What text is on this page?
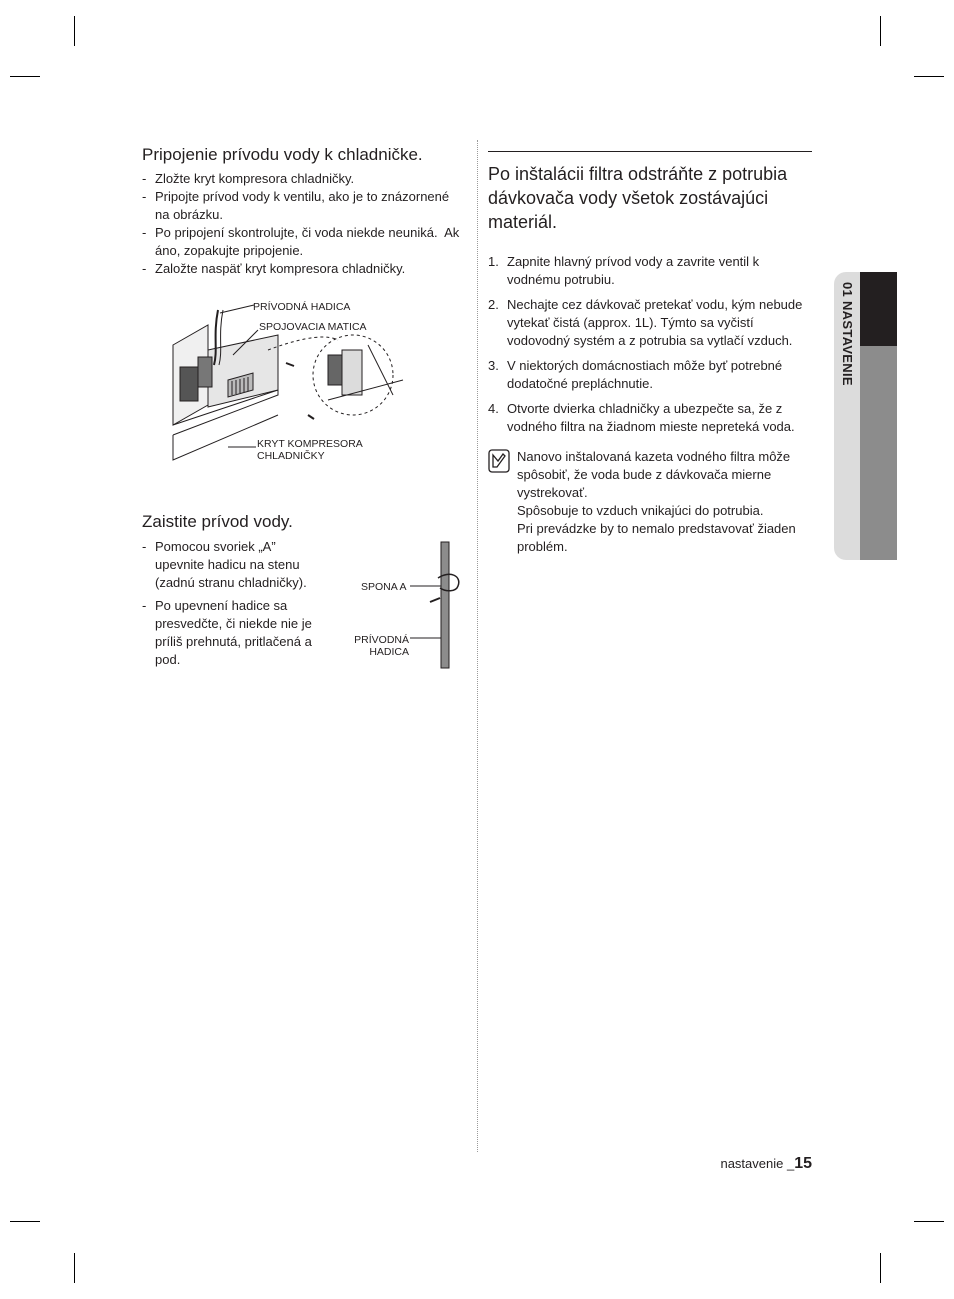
Pripojenie prívodu vody k chladničke.
- Zložte kryt kompresora chladničky.
- Pripojte prívod vody k ventilu, ako je to znázornené na obrázku.
- Po pripojení skontrolujte, či voda niekde neuniká.  Ak áno, zopakujte pripojenie.
- Založte naspäť kryt kompresora chladničky.
PRÍVODNÁ HADICA
SPOJOVACIA MATICA
KRYT KOMPRESORA
CHLADNIČKY
Zaistite prívod vody.
- Pomocou svoriek „A” upevnite hadicu na stenu (zadnú stranu chladničky).
- Po upevnení hadice sa presvedčte, či niekde nie je príliš prehnutá, pritlačená a pod.
SPONA A
PRÍVODNÁ
HADICA
Po inštalácii filtra odstráňte z potrubia dávkovača vody všetok zostávajúci materiál.
1. Zapnite hlavný prívod vody a zavrite ventil k vodnému potrubiu.
2. Nechajte cez dávkovač pretekať vodu, kým nebude vytekať čistá (approx. 1L). Týmto sa vyčistí vodovodný systém a z potrubia sa vytlačí vzduch.
3. V niektorých domácnostiach môže byť potrebné dodatočné prepláchnutie.
4. Otvorte dvierka chladničky a ubezpečte sa, že z vodného filtra na žiadnom mieste nepreteká voda.
Nanovo inštalovaná kazeta vodného filtra môže spôsobiť, že voda bude z dávkovača mierne vystrekovať.
Spôsobuje to vzduch vnikajúci do potrubia.
Pri prevádzke by to nemalo predstavovať žiaden problém.
01 NASTAVENIE
nastavenie _15
